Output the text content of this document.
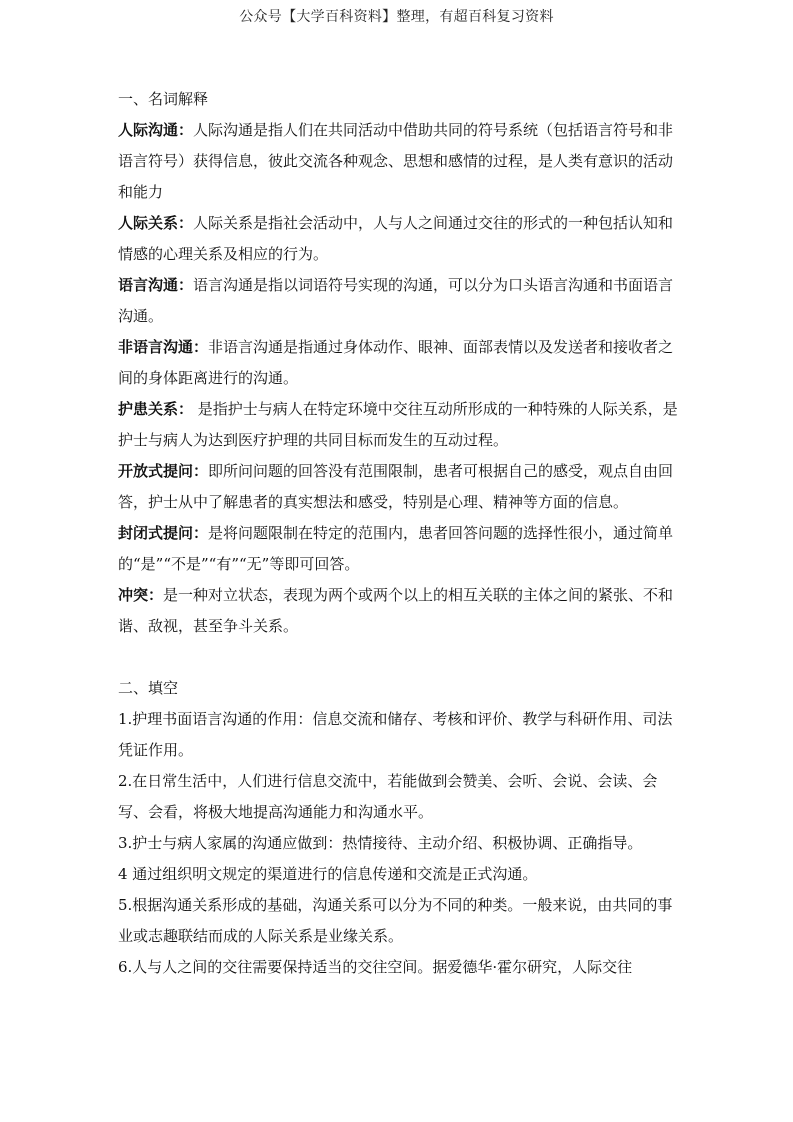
公众号【大学百科资料】整理，有超百科复习资料

一、名词解释

人际沟通：人际沟通是指人们在共同活动中借助共同的符号系统（包括语言符号和非语言符号）获得信息，彼此交流各种观念、思想和感情的过程，是人类有意识的活动和能力

人际关系：人际关系是指社会活动中，人与人之间通过交往的形式的一种包括认知和情感的心理关系及相应的行为。

语言沟通：语言沟通是指以词语符号实现的沟通，可以分为口头语言沟通和书面语言沟通。

非语言沟通：非语言沟通是指通过身体动作、眼神、面部表情以及发送者和接收者之间的身体距离进行的沟通。

护患关系： 是指护士与病人在特定环境中交往互动所形成的一种特殊的人际关系，是护士与病人为达到医疗护理的共同目标而发生的互动过程。

开放式提问：即所问问题的回答没有范围限制，患者可根据自己的感受，观点自由回答，护士从中了解患者的真实想法和感受，特别是心理、精神等方面的信息。

封闭式提问：是将问题限制在特定的范围内，患者回答问题的选择性很小，通过简单的“是”“不是”“有”“无”等即可回答。

冲突：是一种对立状态，表现为两个或两个以上的相互关联的主体之间的紧张、不和谐、敌视，甚至争斗关系。

二、填空

1.护理书面语言沟通的作用：信息交流和储存、考核和评价、教学与科研作用、司法凭证作用。

2.在日常生活中，人们进行信息交流中，若能做到会赞美、会听、会说、会读、会写、会看，将极大地提高沟通能力和沟通水平。

3.护士与病人家属的沟通应做到：热情接待、主动介绍、积极协调、正确指导。

4 通过组织明文规定的渠道进行的信息传递和交流是正式沟通。

5.根据沟通关系形成的基础，沟通关系可以分为不同的种类。一般来说，由共同的事业或志趣联结而成的人际关系是业缘关系。

6.人与人之间的交往需要保持适当的交往空间。据爱德华·霍尔研究，人际交往
